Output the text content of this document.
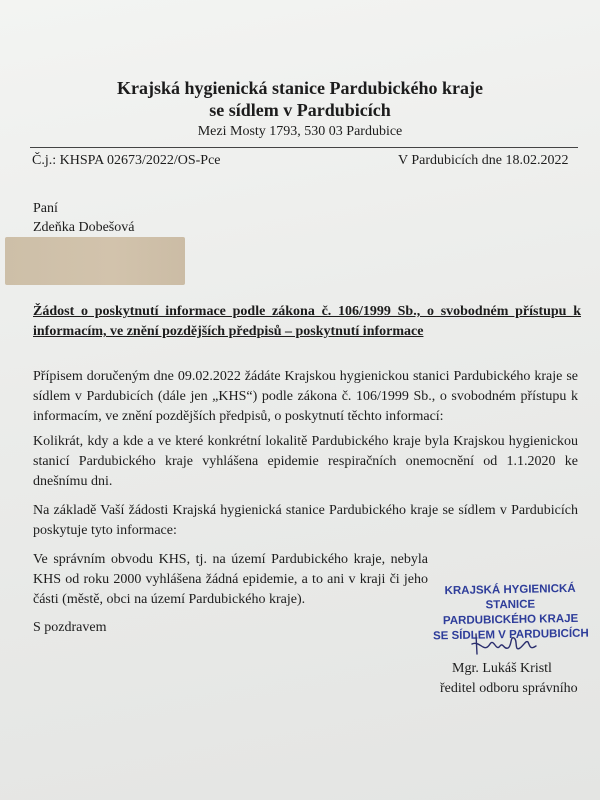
Krajská hygienická stanice Pardubického kraje
se sídlem v Pardubicích
Mezi Mosty 1793, 530 03 Pardubice
Č.j.: KHSPA 02673/2022/OS-Pce	V Pardubicích dne 18.02.2022
Paní
Zdeňka Dobešová
Žádost o poskytnutí informace podle zákona č. 106/1999 Sb., o svobodném přístupu k informacím, ve znění pozdějších předpisů – poskytnutí informace

Přípisem doručeným dne 09.02.2022 žádáte Krajskou hygienickou stanici Pardubického kraje se sídlem v Pardubicích (dále jen „KHS“) podle zákona č. 106/1999 Sb., o svobodném přístupu k informacím, ve znění pozdějších předpisů, o poskytnutí těchto informací:

Kolikrát, kdy a kde a ve které konkrétní lokalitě Pardubického kraje byla Krajskou hygienickou stanicí Pardubického kraje vyhlášena epidemie respiračních onemocnění od 1.1.2020 ke dnešnímu dni.

Na základě Vaší žádosti Krajská hygienická stanice Pardubického kraje se sídlem v Pardubicích poskytuje tyto informace:

Ve správním obvodu KHS, tj. na území Pardubického kraje, nebyla KHS od roku 2000 vyhlášena žádná epidemie, a to ani v kraji či jeho části (městě, obci na území Pardubického kraje).

S pozdravem
KRAJSKÁ HYGIENICKÁ STANICE
PARDUBICKÉHO KRAJE
SE SÍDLEM V PARDUBICÍCH
Mgr. Lukáš Kristl
ředitel odboru správního
